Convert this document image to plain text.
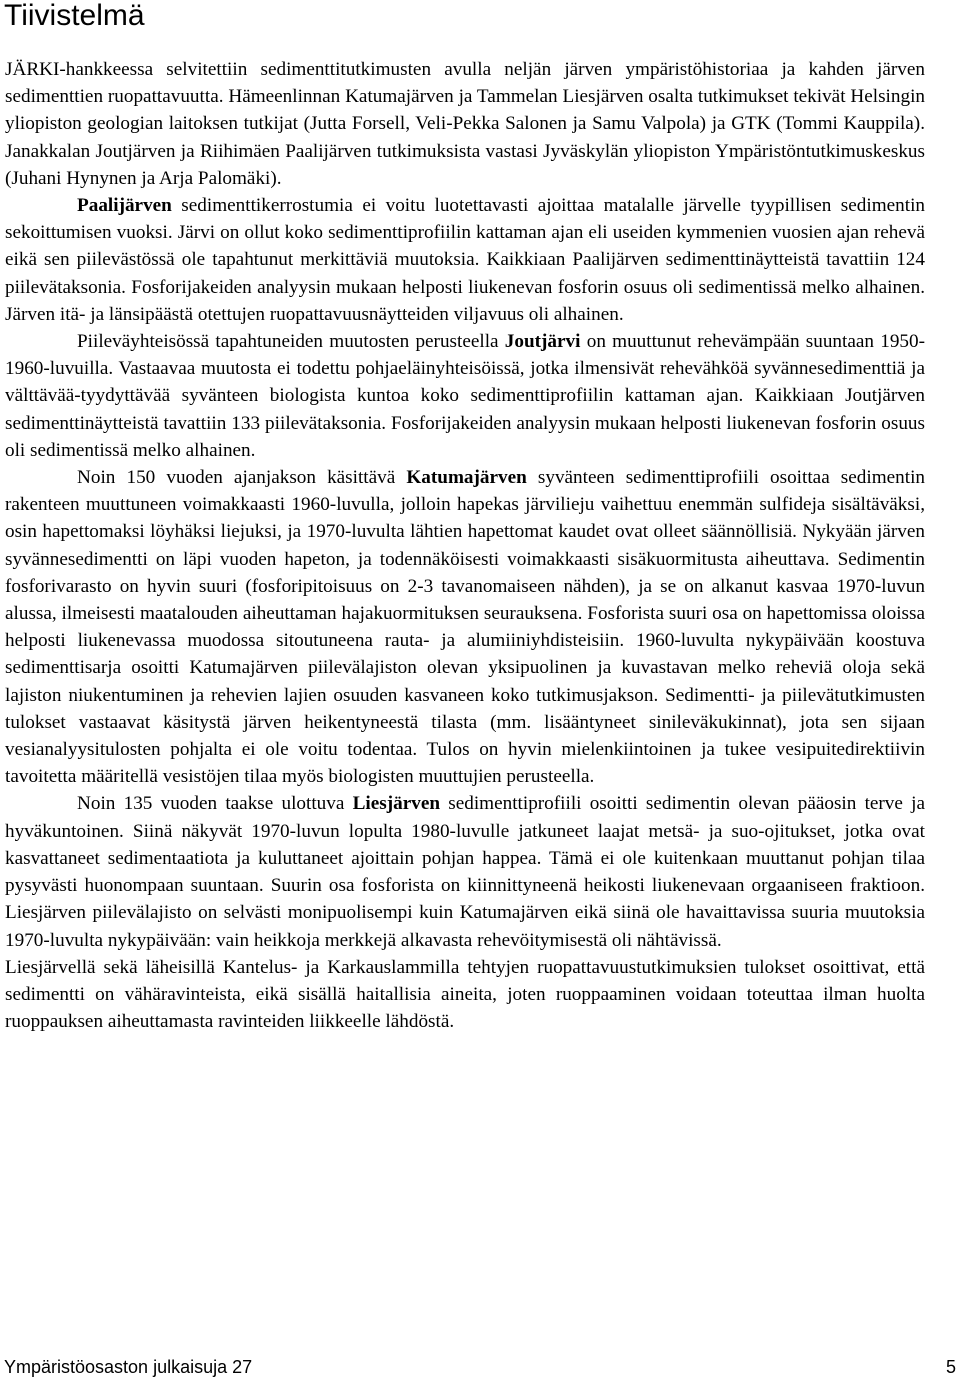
Tiivistelmä

JÄRKI-hankkeessa selvitettiin sedimenttitutkimusten avulla neljän järven ympäristöhistoriaa ja kahden järven sedimenttien ruopattavuutta. Hämeenlinnan Katumajärven ja Tammelan Liesjärven osalta tutkimukset tekivät Helsingin yliopiston geologian laitoksen tutkijat (Jutta Forsell, Veli-Pekka Salonen ja Samu Valpola) ja GTK (Tommi Kauppila). Janakkalan Joutjärven ja Riihimäen Paalijärven tutkimuksista vastasi Jyväskylän yliopiston Ympäristöntutkimuskeskus (Juhani Hynynen ja Arja Palomäki).

Paalijärven sedimenttikerrostumia ei voitu luotettavasti ajoittaa matalalle järvelle tyypillisen sedimentin sekoittumisen vuoksi. Järvi on ollut koko sedimenttiprofiilin kattaman ajan eli useiden kymmenien vuosien ajan rehevä eikä sen piilevästössä ole tapahtunut merkittäviä muutoksia. Kaikkiaan Paalijärven sedimenttinäytteistä tavattiin 124 piilevätaksonia. Fosforijakeiden analyysin mukaan helposti liukenevan fosforin osuus oli sedimentissä melko alhainen. Järven itä- ja länsipäästä otettujen ruopattavuusnäytteiden viljavuus oli alhainen.

Piileväyhteisössä tapahtuneiden muutosten perusteella Joutjärvi on muuttunut rehevämpään suuntaan 1950-1960-luvuilla. Vastaavaa muutosta ei todettu pohjaeläinyhteisöissä, jotka ilmensivät rehevähköä syvännesedimenttiä ja välttävää-tyydyttävää syvänteen biologista kuntoa koko sedimenttiprofiilin kattaman ajan. Kaikkiaan Joutjärven sedimenttinäytteistä tavattiin 133 piilevätaksonia. Fosforijakeiden analyysin mukaan helposti liukenevan fosforin osuus oli sedimentissä melko alhainen.

Noin 150 vuoden ajanjakson käsittävä Katumajärven syvänteen sedimenttiprofiili osoittaa sedimentin rakenteen muuttuneen voimakkaasti 1960-luvulla, jolloin hapekas järvilieju vaihettuu enemmän sulfideja sisältäväksi, osin hapettomaksi löyhäksi liejuksi, ja 1970-luvulta lähtien hapettomat kaudet ovat olleet säännöllisiä. Nykyään järven syvännesedimentti on läpi vuoden hapeton, ja todennäköisesti voimakkaasti sisäkuormitusta aiheuttava. Sedimentin fosforivarasto on hyvin suuri (fosforipitoisuus on 2-3 tavanomaiseen nähden), ja se on alkanut kasvaa 1970-luvun alussa, ilmeisesti maatalouden aiheuttaman hajakuormituksen seurauksena. Fosforista suuri osa on hapettomissa oloissa helposti liukenevassa muodossa sitoutuneena rauta- ja alumiiniyhdisteisiin. 1960-luvulta nykypäivään koostuva sedimenttisarja osoitti Katumajärven piilevälajiston olevan yksipuolinen ja kuvastavan melko reheviä oloja sekä lajiston niukentuminen ja rehevien lajien osuuden kasvaneen koko tutkimusjakson. Sedimentti- ja piilevätutkimusten tulokset vastaavat käsitystä järven heikentyneestä tilasta (mm. lisääntyneet sinileväkukinnat), jota sen sijaan vesianalyysitulosten pohjalta ei ole voitu todentaa. Tulos on hyvin mielenkiintoinen ja tukee vesipuitedirektiivin tavoitetta määritellä vesistöjen tilaa myös biologisten muuttujien perusteella.

Noin 135 vuoden taakse ulottuva Liesjärven sedimenttiprofiili osoitti sedimentin olevan pääosin terve ja hyväkuntoinen. Siinä näkyvät 1970-luvun lopulta 1980-luvulle jatkuneet laajat metsä- ja suo-ojitukset, jotka ovat kasvattaneet sedimentaatiota ja kuluttaneet ajoittain pohjan happea. Tämä ei ole kuitenkaan muuttanut pohjan tilaa pysyvästi huonompaan suuntaan. Suurin osa fosforista on kiinnittyneenä heikosti liukenevaan orgaaniseen fraktioon. Liesjärven piilevälajisto on selvästi monipuolisempi kuin Katumajärven eikä siinä ole havaittavissa suuria muutoksia 1970-luvulta nykypäivään: vain heikkoja merkkejä alkavasta rehevöitymisestä oli nähtävissä.

Liesjärvellä sekä läheisillä Kantelus- ja Karkauslammilla tehtyjen ruopattavuustutkimuksien tulokset osoittivat, että sedimentti on vähäravinteista, eikä sisällä haitallisia aineita, joten ruoppaaminen voidaan toteuttaa ilman huolta ruoppauksen aiheuttamasta ravinteiden liikkeelle lähdöstä.

Ympäristöosaston julkaisuja 27	5
